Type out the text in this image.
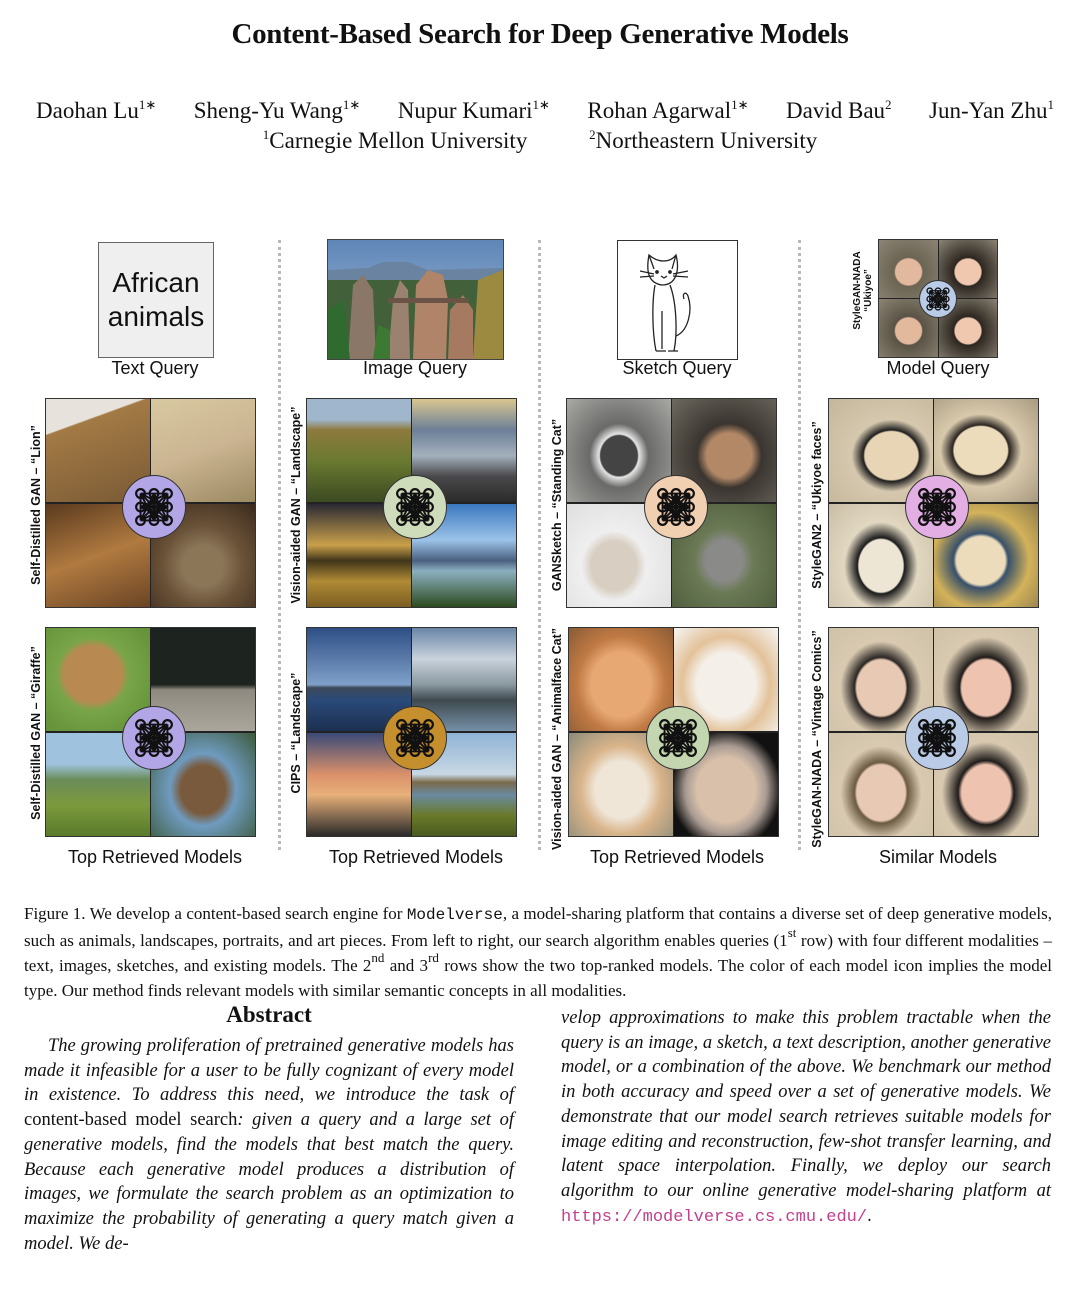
Content-Based Search for Deep Generative Models
Daohan $Lu^{1∗}$ Sheng-Yu Wang$^{1∗}$ Nupur Kumari$^{1∗}$ Rohan Agarwal$^{1∗}$ David Bau$^2$ Jun-Yan Zhu$^1$
$^1$Carnegie Mellon University	$^2$Northeastern University
African
animals
Text Query	Image Query	Sketch Query
StyleGAN-NADA “Ukiyoe”
Model Query
Self-Distilled GAN – “Lion”	Vision-aided GAN – “Landscape”	GANSketch – “Standing Cat”	StyleGAN2 – “Ukiyoe faces”
Self-Distilled GAN – “Giraffe”	CIPS – “Landscape”	Vision-aided GAN – “Animalface Cat”	StyleGAN-NADA – “Vintage Comics”
Top Retrieved Models	Top Retrieved Models	Top Retrieved Models	Similar Models
Figure 1. We develop a content-based search engine for Modelverse, a model-sharing platform that contains a diverse set of deep generative models, such as animals, landscapes, portraits, and art pieces. From left to right, our search algorithm enables queries (1st row) with four different modalities – text, images, sketches, and existing models. The 2nd and 3rd rows show the two top-ranked models. The color of each model icon implies the model type. Our method finds relevant models with similar semantic concepts in all modalities.
Abstract
The growing proliferation of pretrained generative models has made it infeasible for a user to be fully cognizant of every model in existence. To address this need, we introduce the task of content-based model search: given a query and a large set of generative models, find the models that best match the query. Because each generative model produces a distribution of images, we formulate the search problem as an optimization to maximize the probability of generating a query match given a model. We de-
velop approximations to make this problem tractable when the query is an image, a sketch, a text description, another generative model, or a combination of the above. We benchmark our method in both accuracy and speed over a set of generative models. We demonstrate that our model search retrieves suitable models for image editing and reconstruction, few-shot transfer learning, and latent space interpolation. Finally, we deploy our search algorithm to our online generative model-sharing platform at https://modelverse.cs.cmu.edu/.
